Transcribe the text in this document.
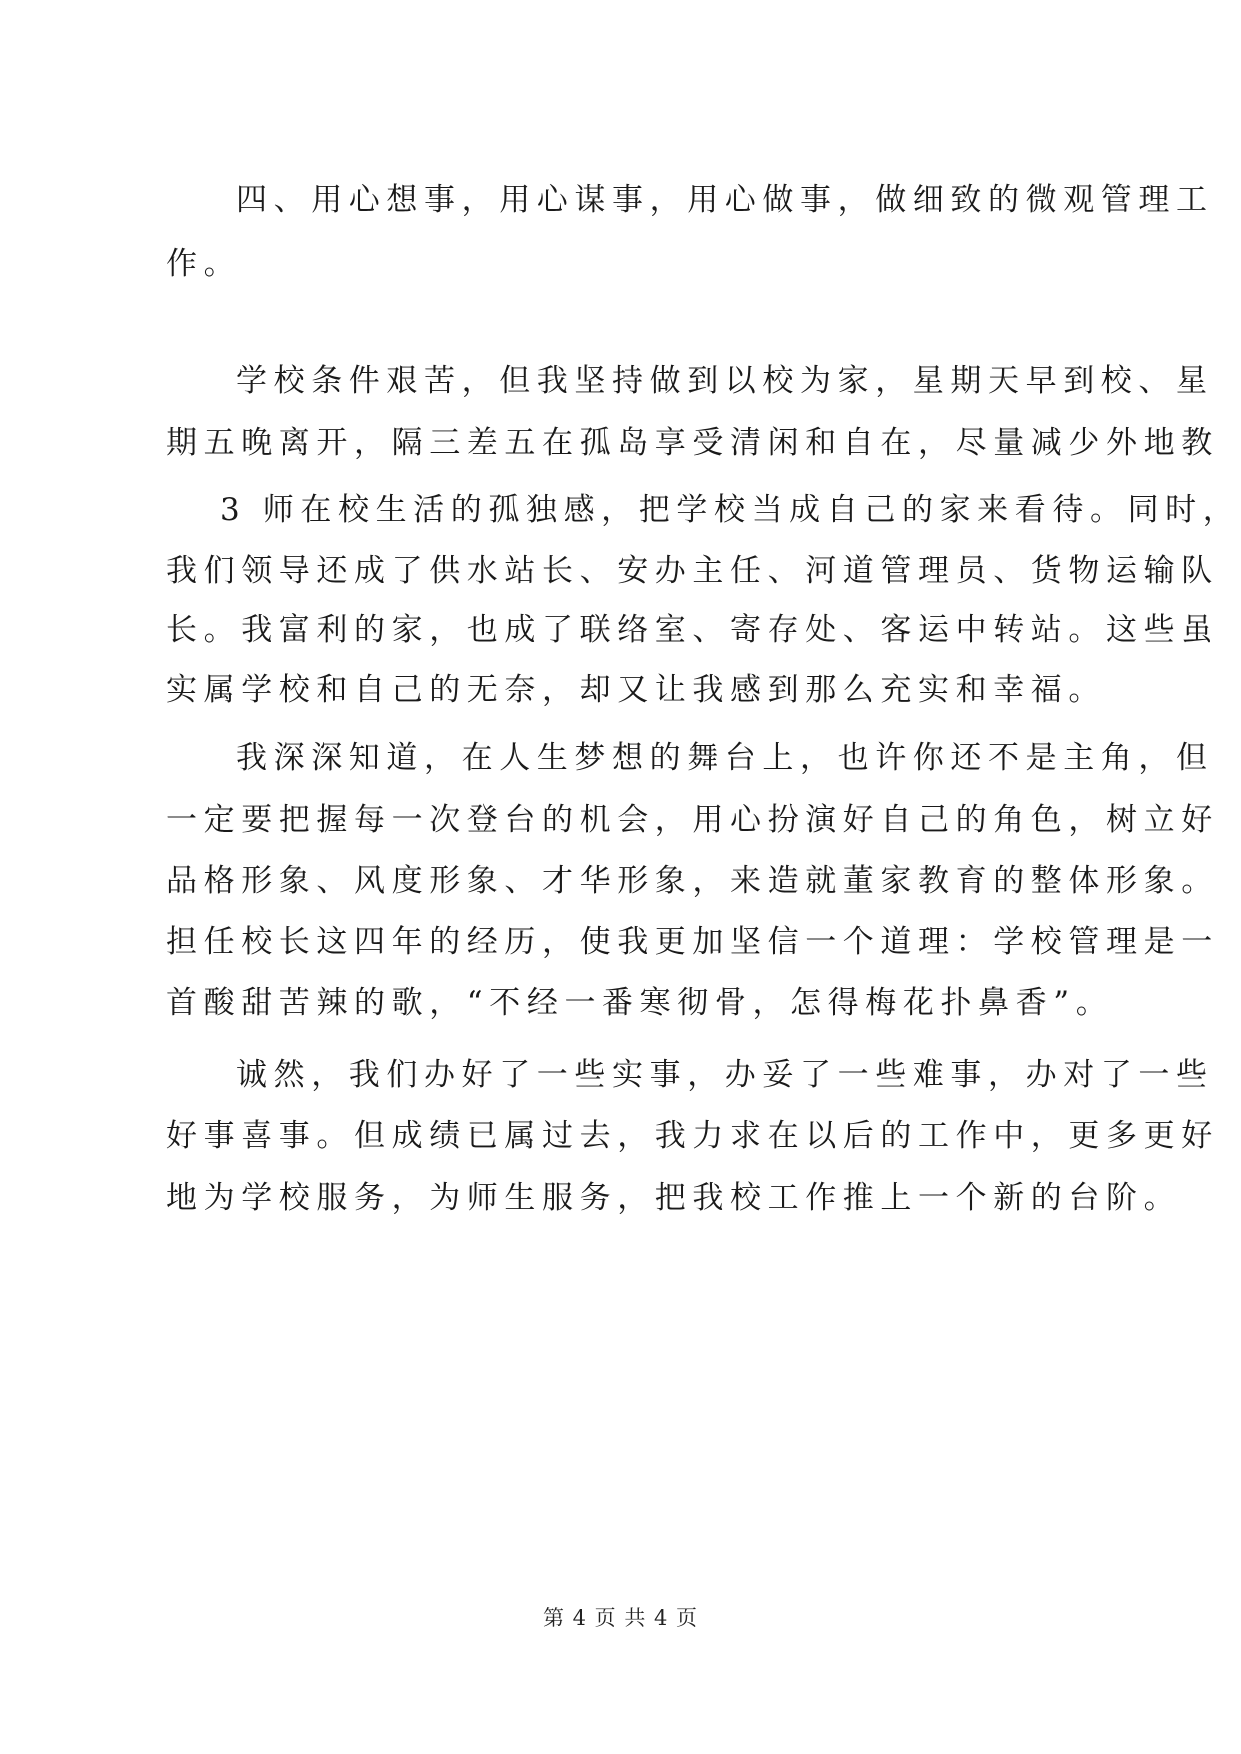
四、用心想事，用心谋事，用心做事，做细致的微观管理工
作。
学校条件艰苦，但我坚持做到以校为家，星期天早到校、星
期五晚离开，隔三差五在孤岛享受清闲和自在，尽量减少外地教
3 师在校生活的孤独感，把学校当成自己的家来看待。同时，
我们领导还成了供水站长、安办主任、河道管理员、货物运输队
长。我富利的家，也成了联络室、寄存处、客运中转站。这些虽
实属学校和自己的无奈，却又让我感到那么充实和幸福。
我深深知道，在人生梦想的舞台上，也许你还不是主角，但
一定要把握每一次登台的机会，用心扮演好自己的角色，树立好
品格形象、风度形象、才华形象，来造就董家教育的整体形象。
担任校长这四年的经历，使我更加坚信一个道理：学校管理是一
首酸甜苦辣的歌，“不经一番寒彻骨，怎得梅花扑鼻香”。
诚然，我们办好了一些实事，办妥了一些难事，办对了一些
好事喜事。但成绩已属过去，我力求在以后的工作中，更多更好
地为学校服务，为师生服务，把我校工作推上一个新的台阶。
第 4 页 共 4 页
